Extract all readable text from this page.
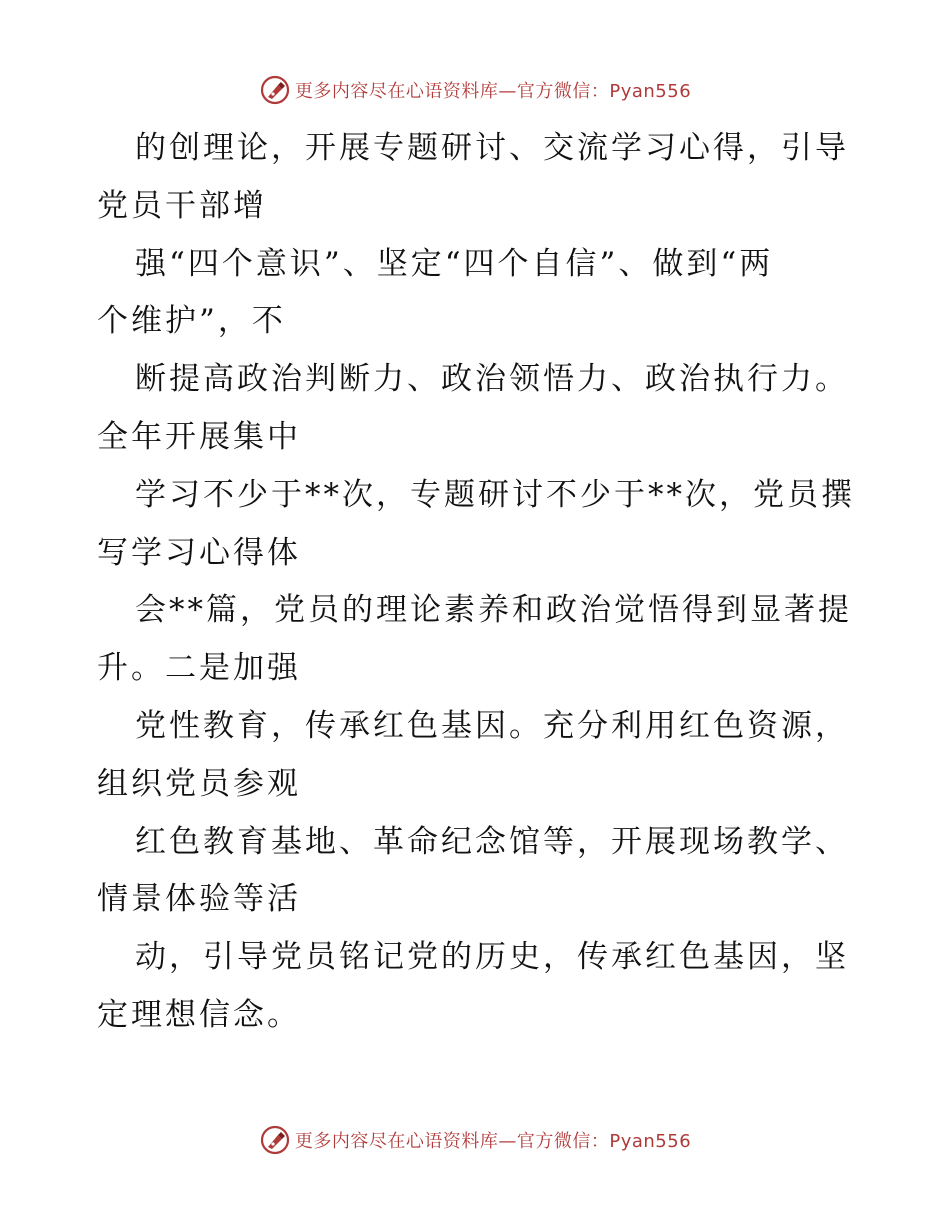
更多内容尽在心语资料库—官方微信：Pyan556
的创理论，开展专题研讨、交流学习心得，引导
党员干部增
强“四个意识”、坚定“四个自信”、做到“两
个维护”，不
断提高政治判断力、政治领悟力、政治执行力。
全年开展集中
学习不少于**次，专题研讨不少于**次，党员撰
写学习心得体
会**篇，党员的理论素养和政治觉悟得到显著提
升。二是加强
党性教育，传承红色基因。充分利用红色资源，
组织党员参观
红色教育基地、革命纪念馆等，开展现场教学、
情景体验等活
动，引导党员铭记党的历史，传承红色基因，坚
定理想信念。
更多内容尽在心语资料库—官方微信：Pyan556
